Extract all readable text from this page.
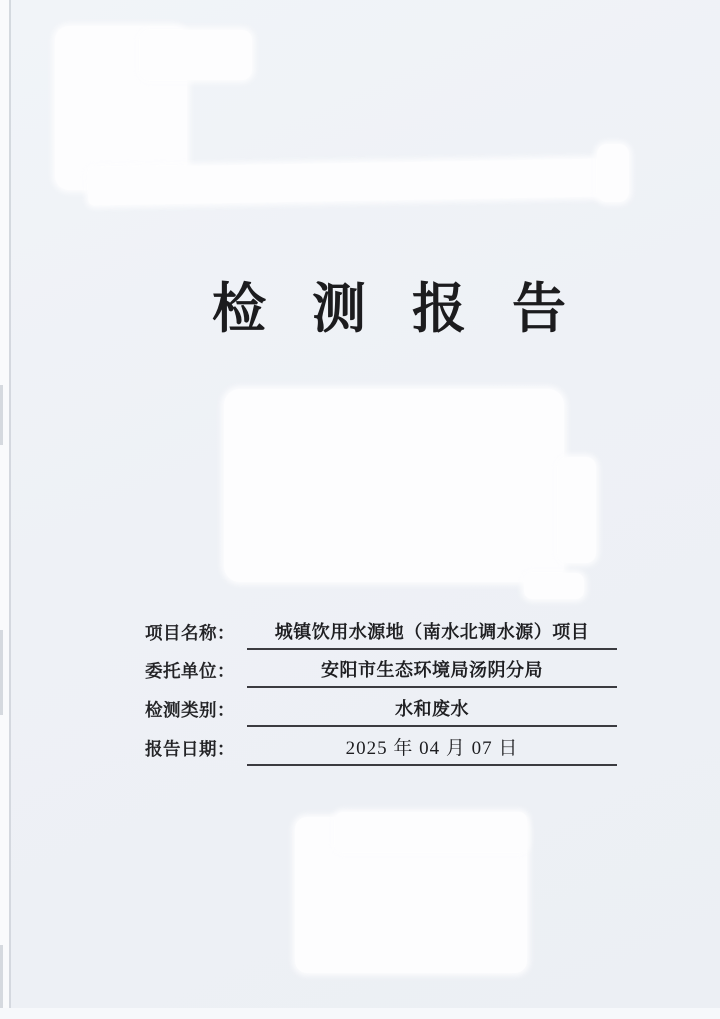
检测报告
项目名称：	城镇饮用水源地（南水北调水源）项目
委托单位：	安阳市生态环境局汤阴分局
检测类别：	水和废水
报告日期：	2025 年 04 月 07 日
